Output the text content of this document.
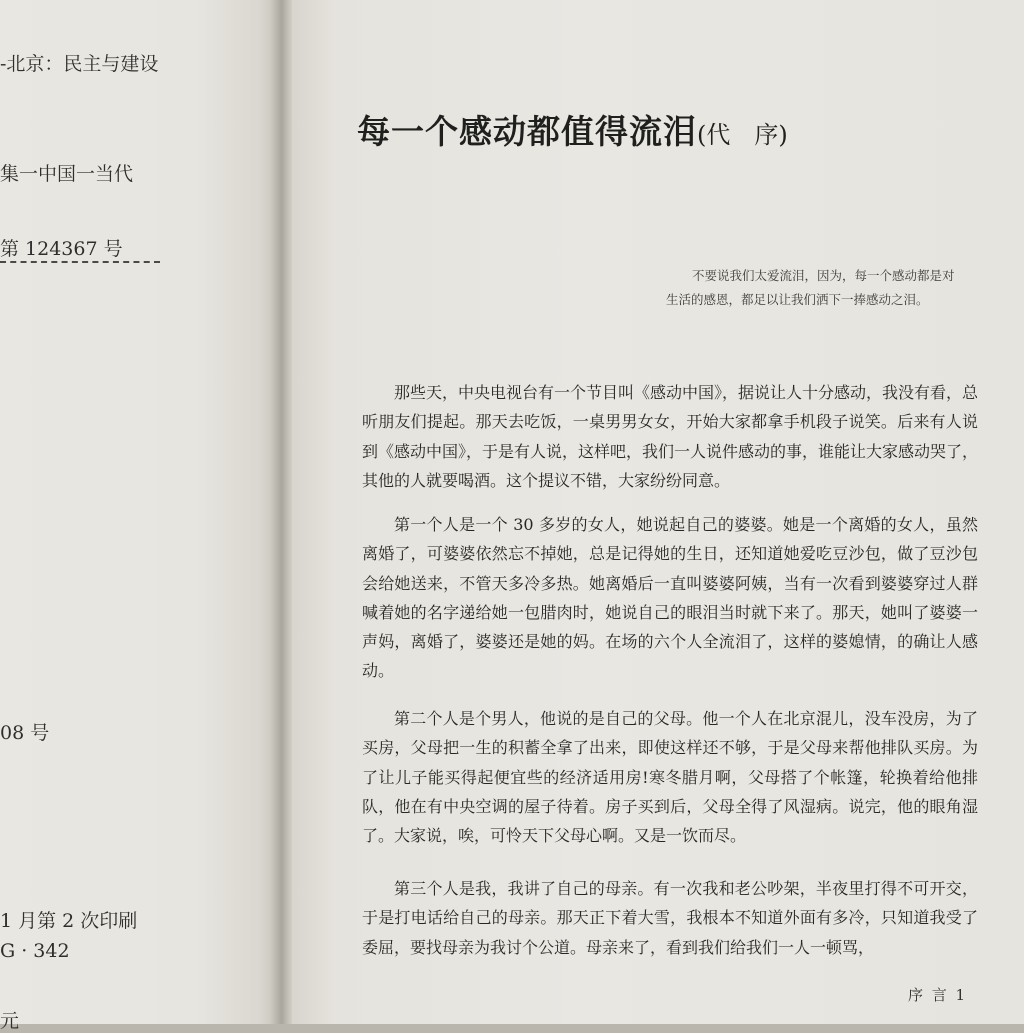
-北京：民主与建设
集一中国一当代
第 124367 号
08 号
1 月第 2 次印刷
G · 342
元
每一个感动都值得流泪(代　序)
不要说我们太爱流泪，因为，每一个感动都是对
生活的感恩，都足以让我们洒下一捧感动之泪。

那些天，中央电视台有一个节目叫《感动中国》，据说让人十分感动，我没有看，总听朋友们提起。那天去吃饭，一桌男男女女，开始大家都拿手机段子说笑。后来有人说到《感动中国》，于是有人说，这样吧，我们一人说件感动的事，谁能让大家感动哭了，其他的人就要喝酒。这个提议不错，大家纷纷同意。

第一个人是一个 30 多岁的女人，她说起自己的婆婆。她是一个离婚的女人，虽然离婚了，可婆婆依然忘不掉她，总是记得她的生日，还知道她爱吃豆沙包，做了豆沙包会给她送来，不管天多冷多热。她离婚后一直叫婆婆阿姨，当有一次看到婆婆穿过人群喊着她的名字递给她一包腊肉时，她说自己的眼泪当时就下来了。那天，她叫了婆婆一声妈，离婚了，婆婆还是她的妈。在场的六个人全流泪了，这样的婆媳情，的确让人感动。

第二个人是个男人，他说的是自己的父母。他一个人在北京混儿，没车没房，为了买房，父母把一生的积蓄全拿了出来，即使这样还不够，于是父母来帮他排队买房。为了让儿子能买得起便宜些的经济适用房!寒冬腊月啊，父母搭了个帐篷，轮换着给他排队，他在有中央空调的屋子待着。房子买到后，父母全得了风湿病。说完，他的眼角湿了。大家说，唉，可怜天下父母心啊。又是一饮而尽。

第三个人是我，我讲了自己的母亲。有一次我和老公吵架，半夜里打得不可开交，于是打电话给自己的母亲。那天正下着大雪，我根本不知道外面有多冷，只知道我受了委屈，要找母亲为我讨个公道。母亲来了，看到我们给我们一人一顿骂，

序 言 1
